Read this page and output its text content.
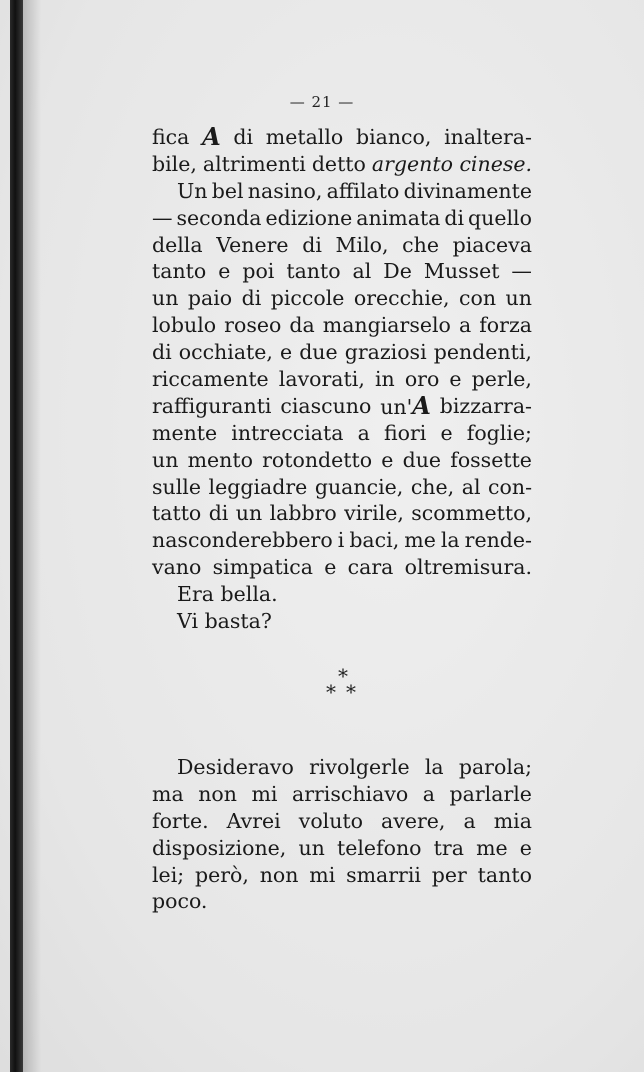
— 21 —
fica A di metallo bianco, inaltera-
bile, altrimenti detto argento cinese.
Un bel nasino, affilato divinamente
— seconda edizione animata di quello
della Venere di Milo, che piaceva
tanto e poi tanto al De Musset —
un paio di piccole orecchie, con un
lobulo roseo da mangiarselo a forza
di occhiate, e due graziosi pendenti,
riccamente lavorati, in oro e perle,
raffiguranti ciascuno un'A bizzarra-
mente intrecciata a fiori e foglie;
un mento rotondetto e due fossette
sulle leggiadre guancie, che, al con-
tatto di un labbro virile, scommetto,
nasconderebbero i baci, me la rende-
vano simpatica e cara oltremisura.
Era bella.
Vi basta?
*
* *
Desideravo rivolgerle la parola;
ma non mi arrischiavo a parlarle
forte. Avrei voluto avere, a mia
disposizione, un telefono tra me e
lei; però, non mi smarrii per tanto
poco.
